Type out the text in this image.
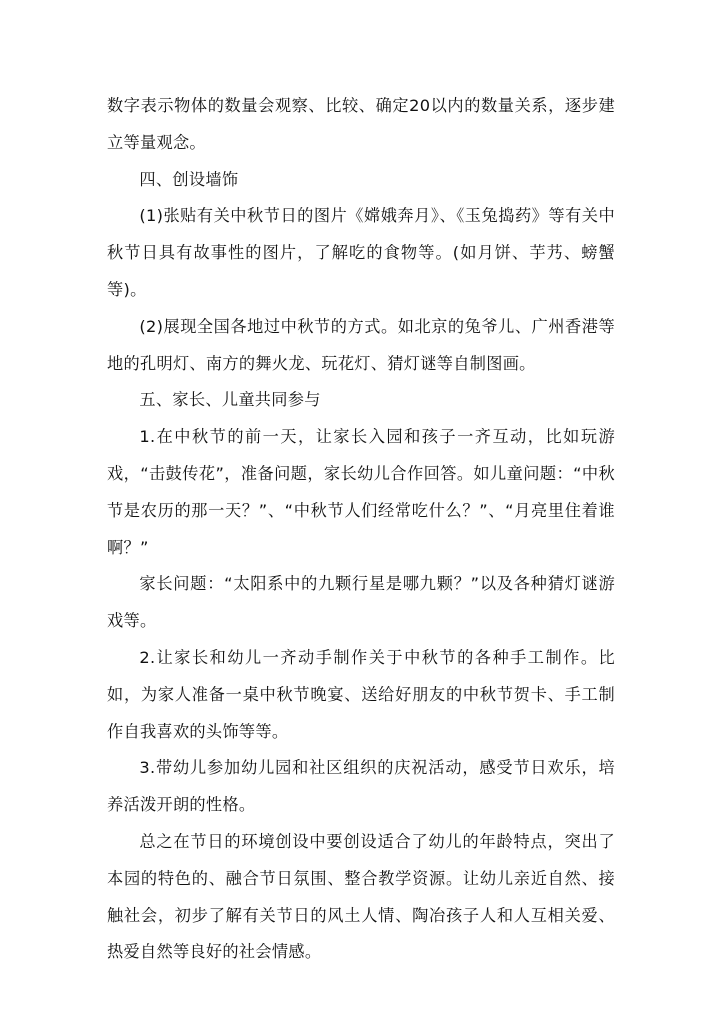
数字表示物体的数量会观察、比较、确定20以内的数量关系，逐步建立等量观念。

四、创设墙饰

(1)张贴有关中秋节日的图片《嫦娥奔月》、《玉兔捣药》等有关中秋节日具有故事性的图片，了解吃的食物等。(如月饼、芋艿、螃蟹等)。

(2)展现全国各地过中秋节的方式。如北京的兔爷儿、广州香港等地的孔明灯、南方的舞火龙、玩花灯、猜灯谜等自制图画。

五、家长、儿童共同参与

1.在中秋节的前一天，让家长入园和孩子一齐互动，比如玩游戏，“击鼓传花”，准备问题，家长幼儿合作回答。如儿童问题：“中秋节是农历的那一天？”、“中秋节人们经常吃什么？”、“月亮里住着谁啊？”

家长问题：“太阳系中的九颗行星是哪九颗？”以及各种猜灯谜游戏等。

2.让家长和幼儿一齐动手制作关于中秋节的各种手工制作。比如，为家人准备一桌中秋节晚宴、送给好朋友的中秋节贺卡、手工制作自我喜欢的头饰等等。

3.带幼儿参加幼儿园和社区组织的庆祝活动，感受节日欢乐，培养活泼开朗的性格。

总之在节日的环境创设中要创设适合了幼儿的年龄特点，突出了本园的特色的、融合节日氛围、整合教学资源。让幼儿亲近自然、接触社会，初步了解有关节日的风土人情、陶冶孩子人和人互相关爱、热爱自然等良好的社会情感。
